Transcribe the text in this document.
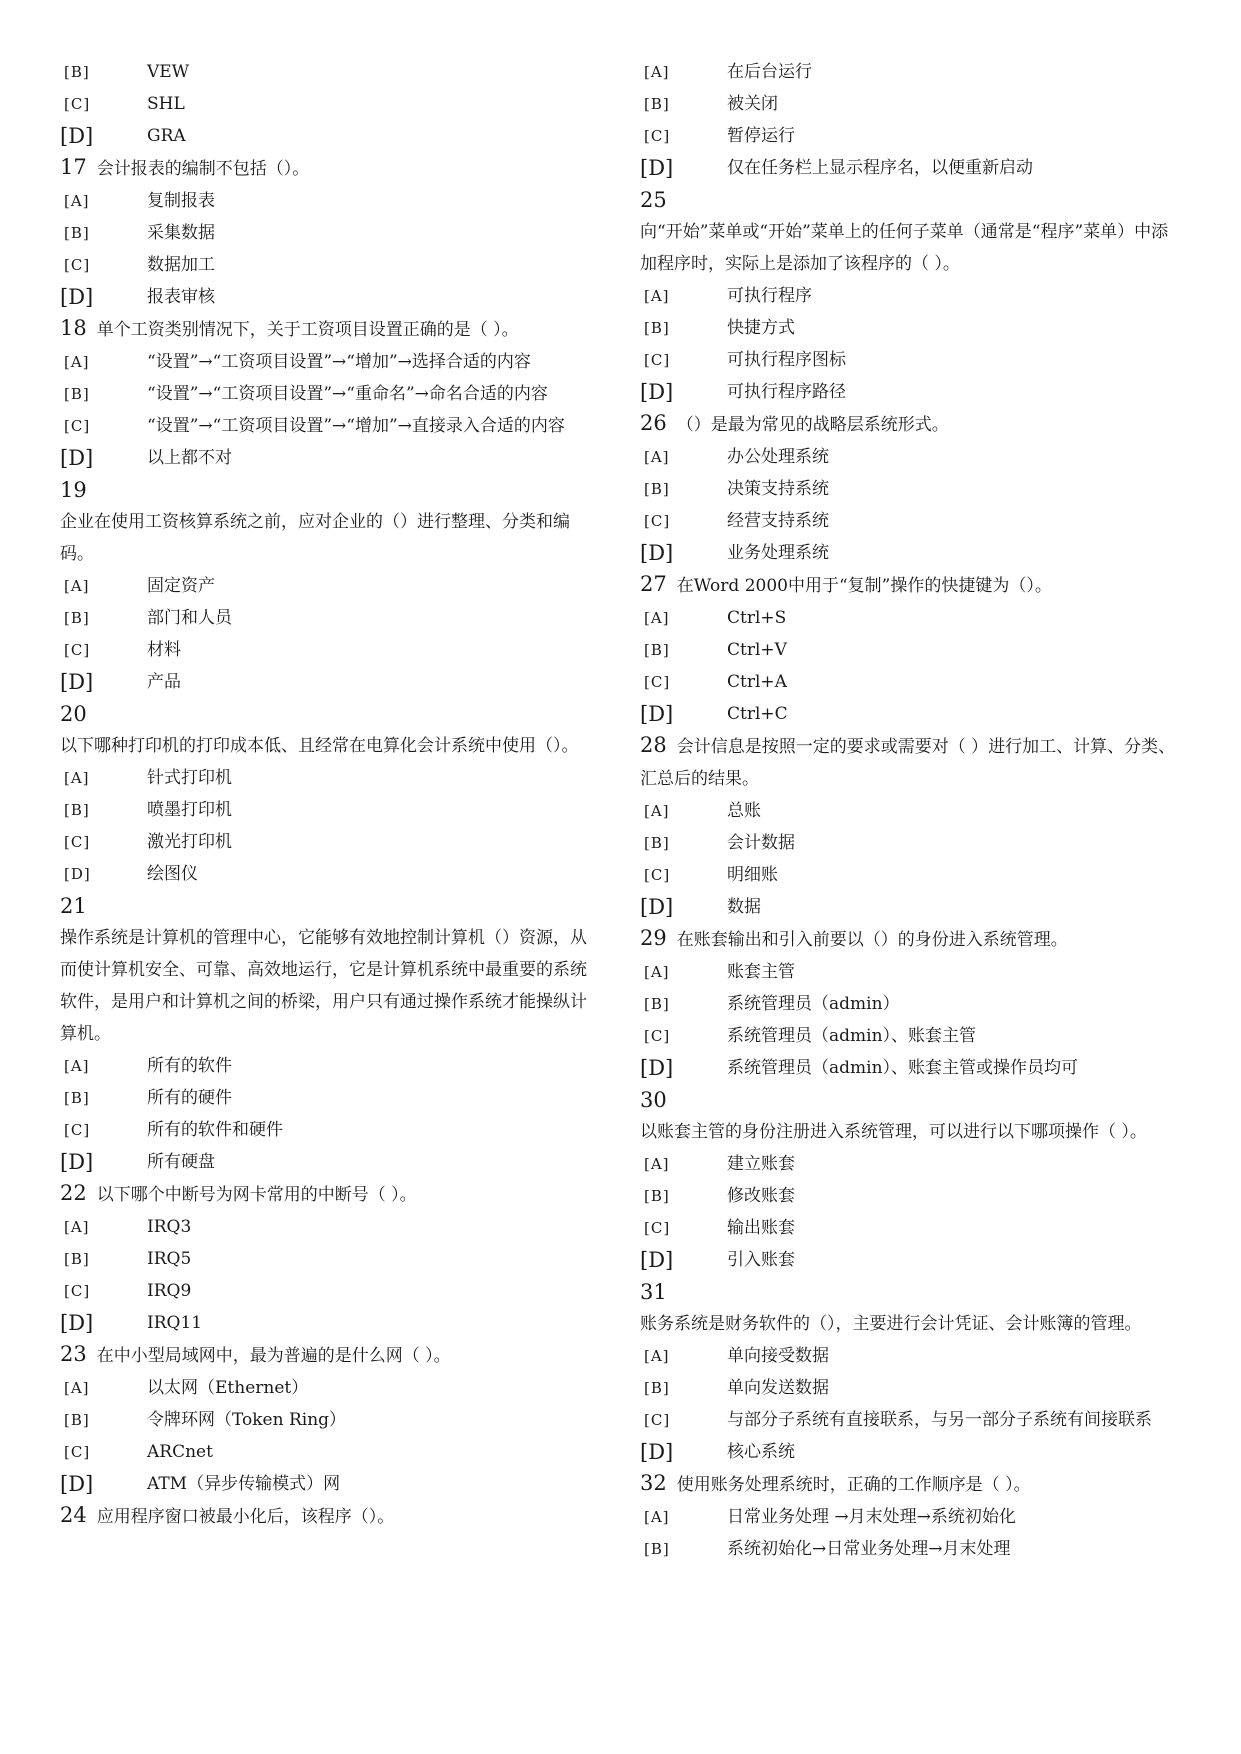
[B]	VEW
[C]	SHL
[D]	GRA
17 会计报表的编制不包括（）。
[A]	复制报表
[B]	采集数据
[C]	数据加工
[D]	报表审核
18 单个工资类别情况下，关于工资项目设置正确的是（ ）。
[A]	“设置”→“工资项目设置”→“增加”→选择合适的内容
[B]	“设置”→“工资项目设置”→“重命名”→命名合适的内容
[C]	“设置”→“工资项目设置”→“增加”→直接录入合适的内容
[D]	以上都不对
19
企业在使用工资核算系统之前，应对企业的（）进行整理、分类和编码。
[A]	固定资产
[B]	部门和人员
[C]	材料
[D]	产品
20
以下哪种打印机的打印成本低、且经常在电算化会计系统中使用（）。
[A]	针式打印机
[B]	喷墨打印机
[C]	激光打印机
[D]	绘图仪
21
操作系统是计算机的管理中心，它能够有效地控制计算机（）资源，从而使计算机安全、可靠、高效地运行，它是计算机系统中最重要的系统软件，是用户和计算机之间的桥梁，用户只有通过操作系统才能操纵计算机。
[A]	所有的软件
[B]	所有的硬件
[C]	所有的软件和硬件
[D]	所有硬盘
22 以下哪个中断号为网卡常用的中断号（ ）。
[A]	IRQ3
[B]	IRQ5
[C]	IRQ9
[D]	IRQ11
23 在中小型局域网中，最为普遍的是什么网（ ）。
[A]	以太网（Ethernet）
[B]	令牌环网（Token Ring）
[C]	ARCnet
[D]	ATM（异步传输模式）网
24 应用程序窗口被最小化后，该程序（）。
[A]	在后台运行
[B]	被关闭
[C]	暂停运行
[D]	仅在任务栏上显示程序名，以便重新启动
25
向“开始”菜单或“开始”菜单上的任何子菜单（通常是“程序”菜单）中添加程序时，实际上是添加了该程序的（ ）。
[A]	可执行程序
[B]	快捷方式
[C]	可执行程序图标
[D]	可执行程序路径
26 （）是最为常见的战略层系统形式。
[A]	办公处理系统
[B]	决策支持系统
[C]	经营支持系统
[D]	业务处理系统
27 在Word 2000中用于“复制”操作的快捷键为（）。
[A]	Ctrl+S
[B]	Ctrl+V
[C]	Ctrl+A
[D]	Ctrl+C
28 会计信息是按照一定的要求或需要对（ ）进行加工、计算、分类、汇总后的结果。
[A]	总账
[B]	会计数据
[C]	明细账
[D]	数据
29 在账套输出和引入前要以（）的身份进入系统管理。
[A]	账套主管
[B]	系统管理员（admin）
[C]	系统管理员（admin）、账套主管
[D]	系统管理员（admin）、账套主管或操作员均可
30
以账套主管的身份注册进入系统管理，可以进行以下哪项操作（ ）。
[A]	建立账套
[B]	修改账套
[C]	输出账套
[D]	引入账套
31
账务系统是财务软件的（），主要进行会计凭证、会计账簿的管理。
[A]	单向接受数据
[B]	单向发送数据
[C]	与部分子系统有直接联系，与另一部分子系统有间接联系
[D]	核心系统
32 使用账务处理系统时，正确的工作顺序是（ ）。
[A]	日常业务处理 →月末处理→系统初始化
[B]	系统初始化→日常业务处理→月末处理
